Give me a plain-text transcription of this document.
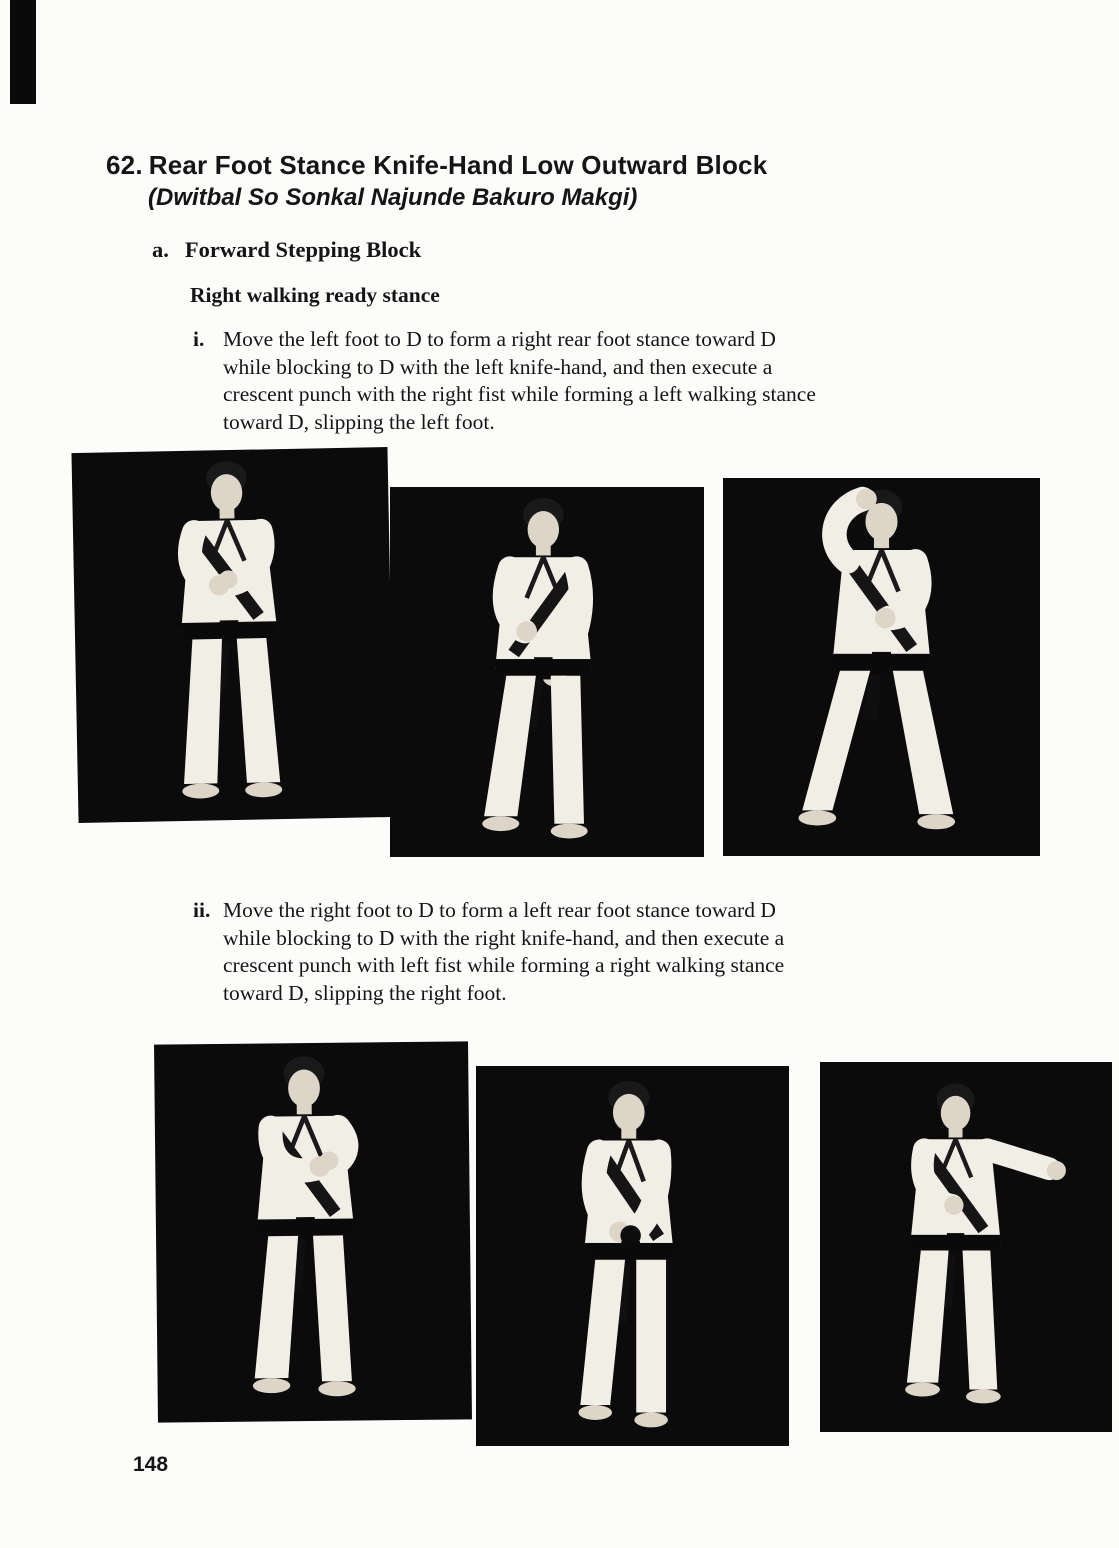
62. Rear Foot Stance Knife-Hand Low Outward Block
(Dwitbal So Sonkal Najunde Bakuro Makgi)
a. Forward Stepping Block
Right walking ready stance
i. Move the left foot to D to form a right rear foot stance toward D
while blocking to D with the left knife-hand, and then execute a
crescent punch with the right fist while forming a left walking stance
toward D, slipping the left foot.
ii. Move the right foot to D to form a left rear foot stance toward D
while blocking to D with the right knife-hand, and then execute a
crescent punch with left fist while forming a right walking stance
toward D, slipping the right foot.
148
